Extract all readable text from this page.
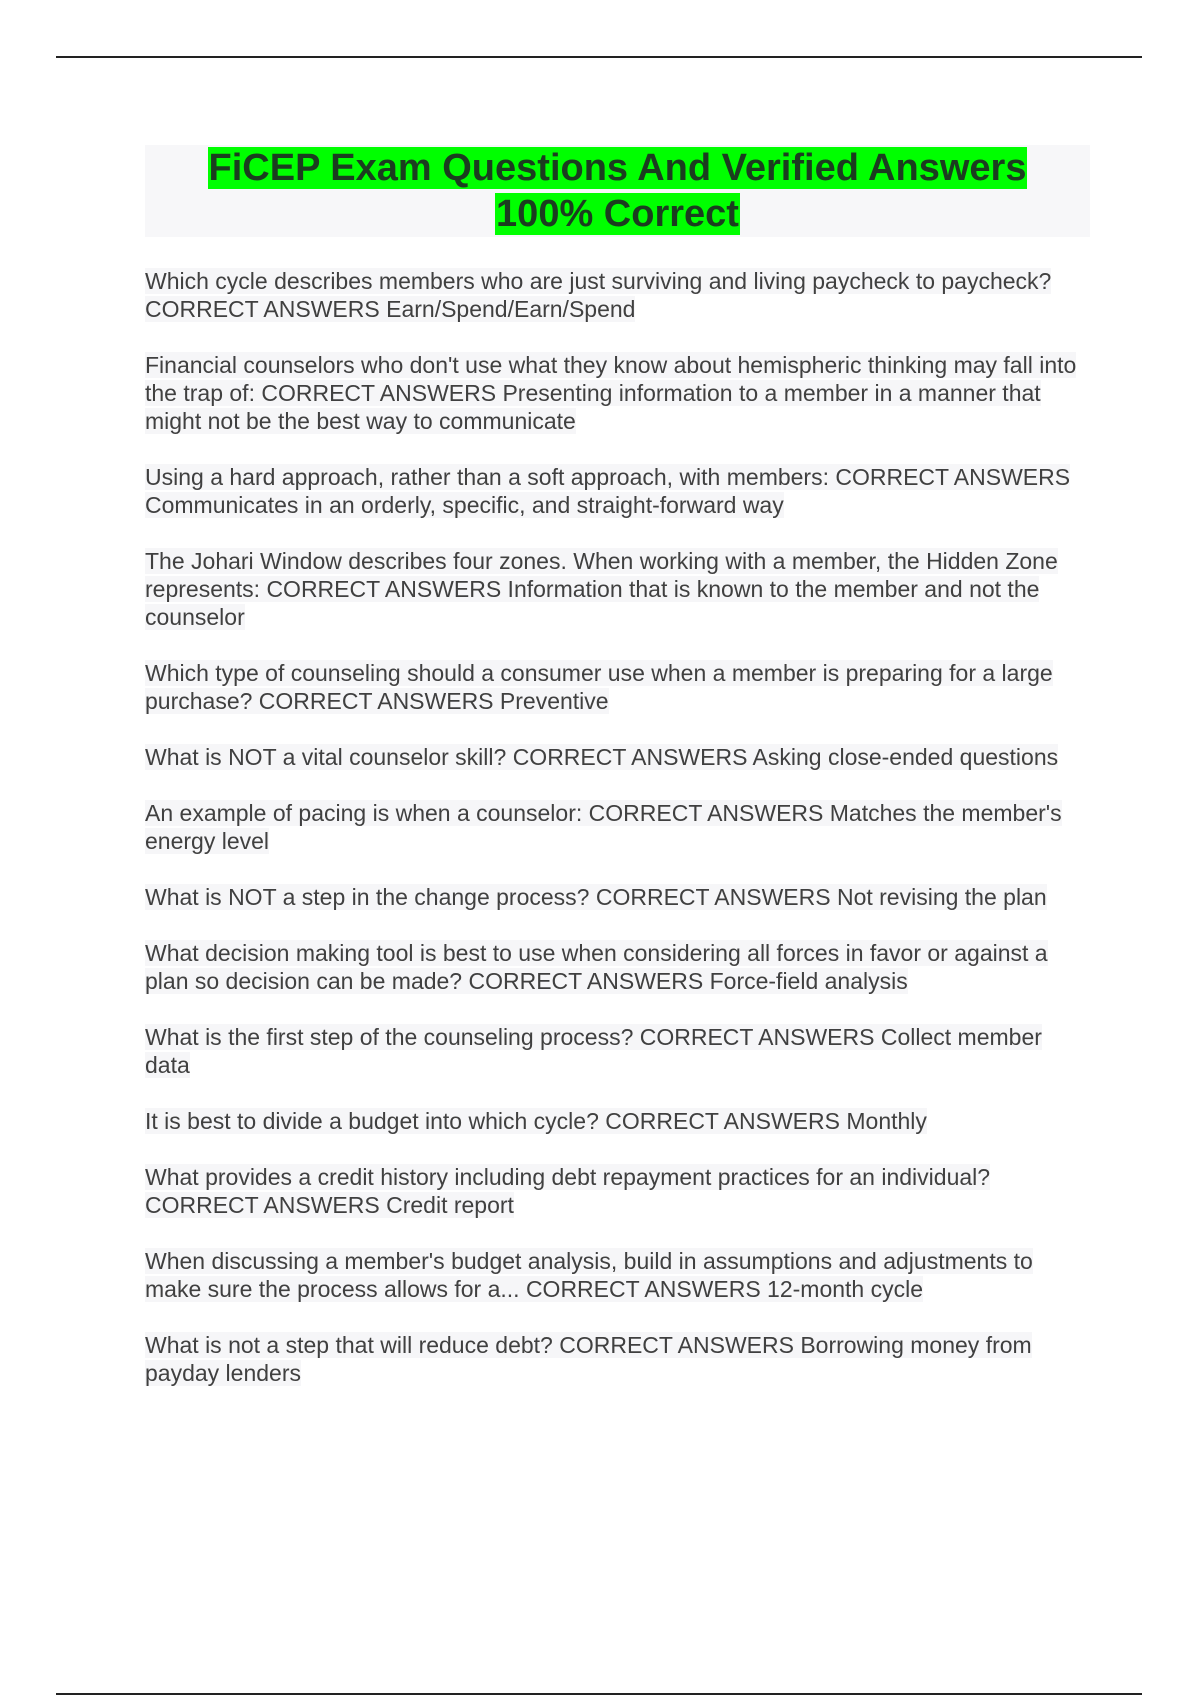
FiCEP Exam Questions And Verified Answers 100% Correct

Which cycle describes members who are just surviving and living paycheck to paycheck? CORRECT ANSWERS Earn/Spend/Earn/Spend

Financial counselors who don't use what they know about hemispheric thinking may fall into the trap of: CORRECT ANSWERS Presenting information to a member in a manner that might not be the best way to communicate

Using a hard approach, rather than a soft approach, with members: CORRECT ANSWERS Communicates in an orderly, specific, and straight-forward way

The Johari Window describes four zones. When working with a member, the Hidden Zone represents: CORRECT ANSWERS Information that is known to the member and not the counselor

Which type of counseling should a consumer use when a member is preparing for a large purchase? CORRECT ANSWERS Preventive

What is NOT a vital counselor skill? CORRECT ANSWERS Asking close-ended questions

An example of pacing is when a counselor: CORRECT ANSWERS Matches the member's energy level

What is NOT a step in the change process? CORRECT ANSWERS Not revising the plan

What decision making tool is best to use when considering all forces in favor or against a plan so decision can be made? CORRECT ANSWERS Force-field analysis

What is the first step of the counseling process? CORRECT ANSWERS Collect member data

It is best to divide a budget into which cycle? CORRECT ANSWERS Monthly

What provides a credit history including debt repayment practices for an individual? CORRECT ANSWERS Credit report

When discussing a member's budget analysis, build in assumptions and adjustments to make sure the process allows for a... CORRECT ANSWERS 12-month cycle

What is not a step that will reduce debt? CORRECT ANSWERS Borrowing money from payday lenders
